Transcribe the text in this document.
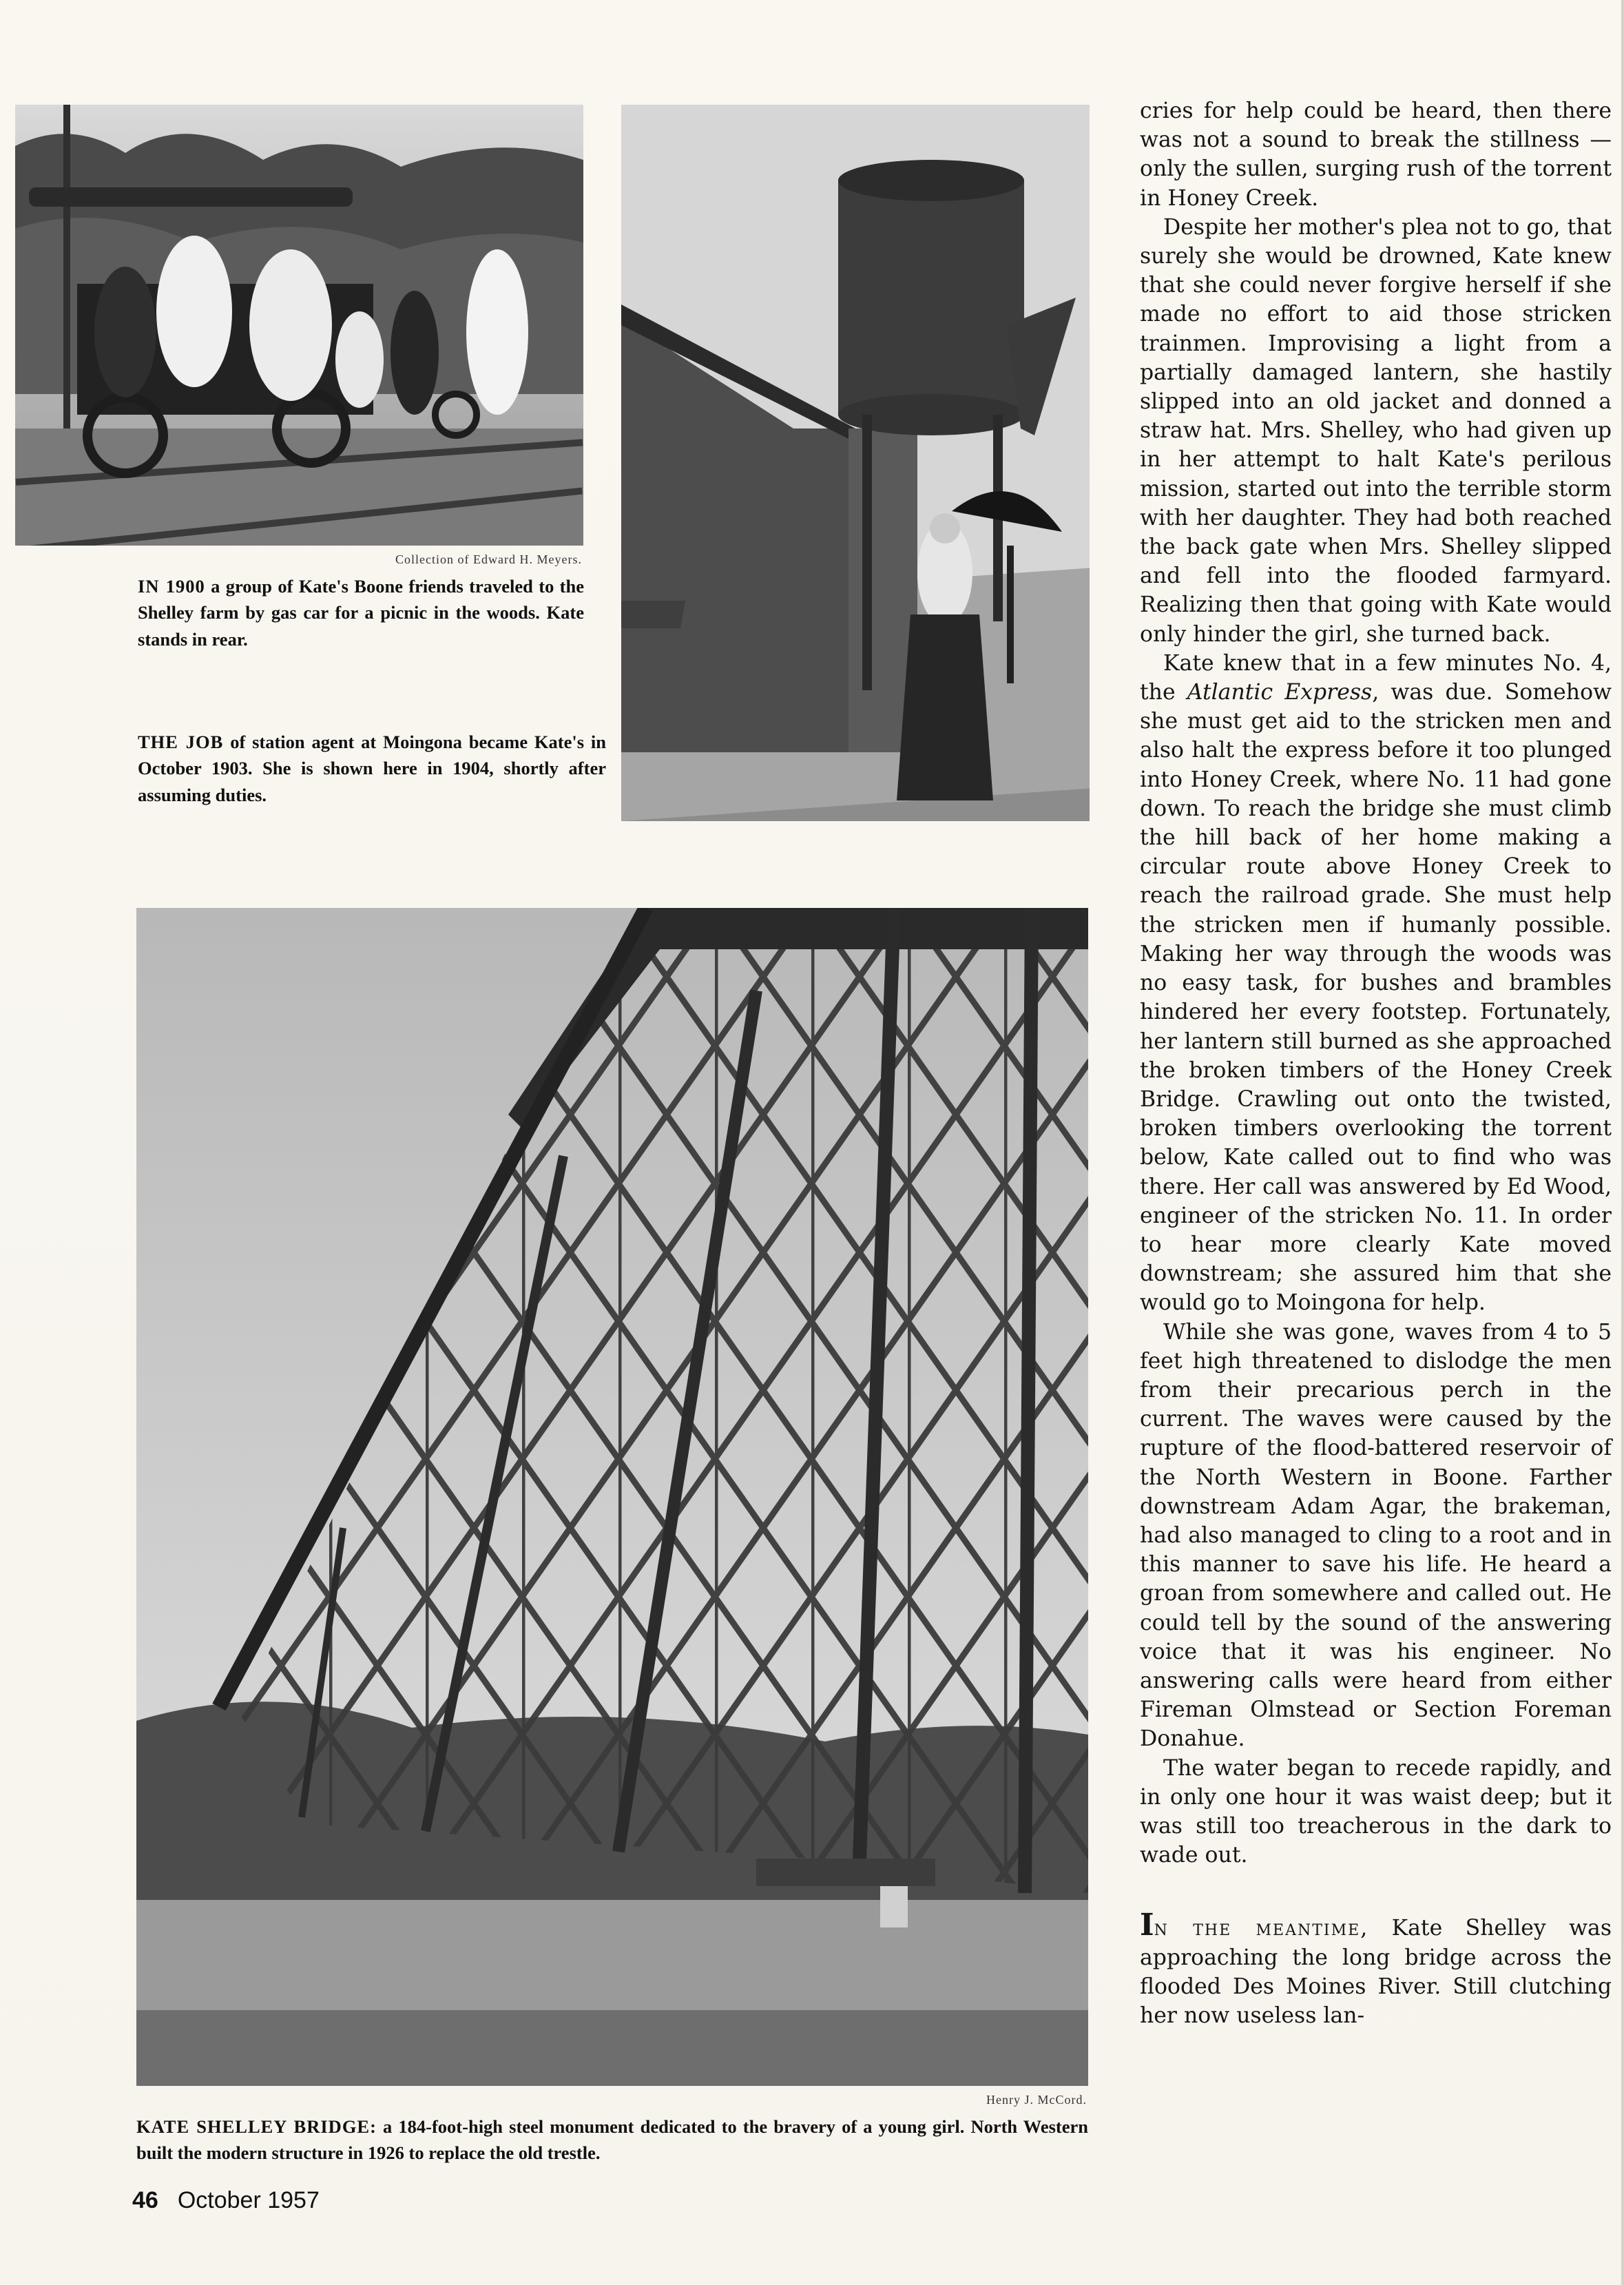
Collection of Edward H. Meyers.
IN 1900 a group of Kate's Boone friends traveled to the Shelley farm by gas car for a picnic in the woods. Kate stands in rear.
THE JOB of station agent at Moingona became Kate's in October 1903. She is shown here in 1904, shortly after assuming duties.
Henry J. McCord.
KATE SHELLEY BRIDGE: a 184-foot-high steel monument dedicated to the bravery of a young girl. North Western built the modern structure in 1926 to replace the old trestle.

cries for help could be heard, then there was not a sound to break the stillness — only the sullen, surging rush of the torrent in Honey Creek.

Despite her mother's plea not to go, that surely she would be drowned, Kate knew that she could never forgive herself if she made no effort to aid those stricken trainmen. Improvising a light from a partially damaged lantern, she hastily slipped into an old jacket and donned a straw hat. Mrs. Shelley, who had given up in her attempt to halt Kate's perilous mission, started out into the terrible storm with her daughter. They had both reached the back gate when Mrs. Shelley slipped and fell into the flooded farmyard. Realizing then that going with Kate would only hinder the girl, she turned back.

Kate knew that in a few minutes No. 4, the Atlantic Express, was due. Somehow she must get aid to the stricken men and also halt the express before it too plunged into Honey Creek, where No. 11 had gone down. To reach the bridge she must climb the hill back of her home making a circular route above Honey Creek to reach the railroad grade. She must help the stricken men if humanly possible. Making her way through the woods was no easy task, for bushes and brambles hindered her every footstep. Fortunately, her lantern still burned as she approached the broken timbers of the Honey Creek Bridge. Crawling out onto the twisted, broken timbers overlooking the torrent below, Kate called out to find who was there. Her call was answered by Ed Wood, engineer of the stricken No. 11. In order to hear more clearly Kate moved downstream; she assured him that she would go to Moingona for help.

While she was gone, waves from 4 to 5 feet high threatened to dislodge the men from their precarious perch in the current. The waves were caused by the rupture of the flood-battered reservoir of the North Western in Boone. Farther downstream Adam Agar, the brakeman, had also managed to cling to a root and in this manner to save his life. He heard a groan from somewhere and called out. He could tell by the sound of the answering voice that it was his engineer. No answering calls were heard from either Fireman Olmstead or Section Foreman Donahue.

The water began to recede rapidly, and in only one hour it was waist deep; but it was still too treacherous in the dark to wade out.

In the meantime, Kate Shelley was approaching the long bridge across the flooded Des Moines River. Still clutching her now useless lan-

46 October 1957
